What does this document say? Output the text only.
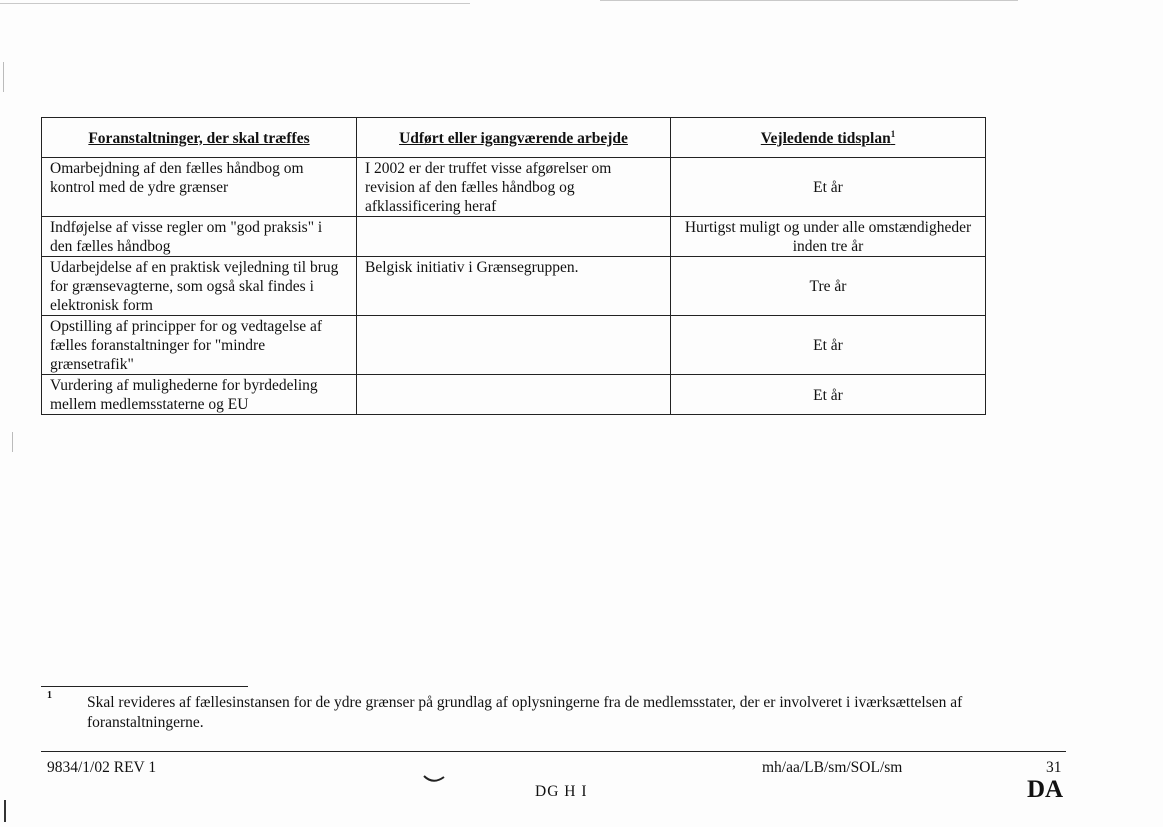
Foranstaltninger, der skal træffes	Udført eller igangværende arbejde	Vejledende tidsplan$^1$
Omarbejdning af den fælles håndbog om kontrol med de ydre grænser	I 2002 er der truffet visse afgørelser om revision af den fælles håndbog og afklassificering heraf	Et år
Indføjelse af visse regler om "god praksis" i den fælles håndbog		Hurtigst muligt og under alle omstændigheder inden tre år
Udarbejdelse af en praktisk vejledning til brug for grænsevagterne, som også skal findes i elektronisk form	Belgisk initiativ i Grænsegruppen.	Tre år
Opstilling af principper for og vedtagelse af fælles foranstaltninger for "mindre grænsetrafik"		Et år
Vurdering af mulighederne for byrdedeling mellem medlemsstaterne og EU		Et år
1 Skal revideres af fællesinstansen for de ydre grænser på grundlag af oplysningerne fra de medlemsstater, der er involveret i iværksættelsen af foranstaltningerne.
9834/1/02 REV 1	mh/aa/LB/sm/SOL/sm	31
DG H I	DA
